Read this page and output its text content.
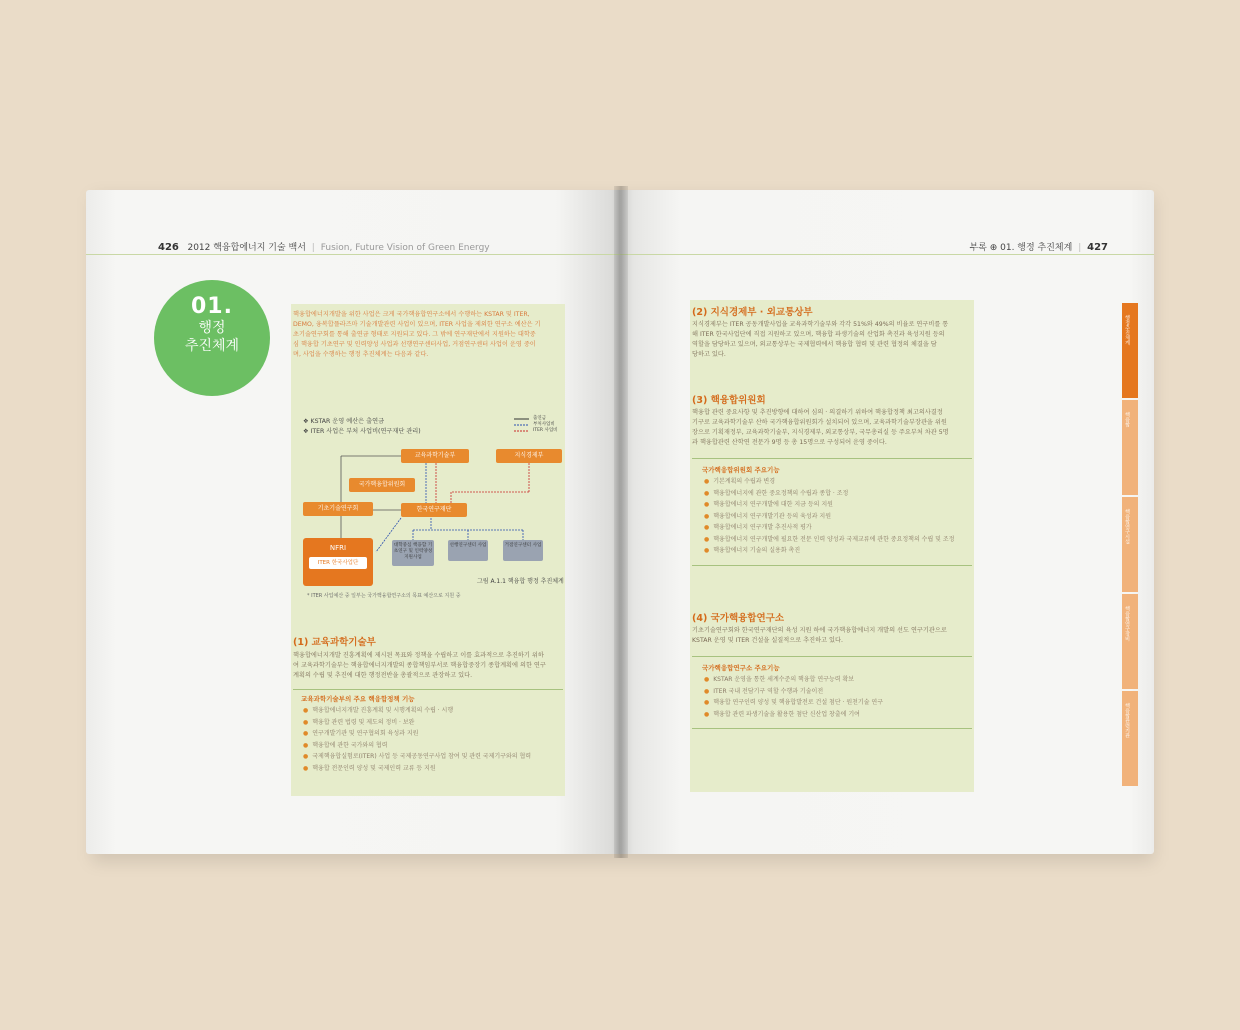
426 2012 핵융합에너지 기술 백서 | Fusion, Future Vision of Green Energy
01.
행정
추진체계
핵융합에너지개발을 위한 사업은 크게 국가핵융합연구소에서 수행하는 KSTAR 및 ITER,
DEMO, 융복합플라즈마 기술개발관련 사업이 있으며, ITER 사업을 제외한 연구소 예산은 기
초기술연구회를 통해 출연금 형태로 지원되고 있다. 그 밖에 연구재단에서 지원하는 대학중
심 핵융합 기초연구 및 인력양성 사업과 선행연구센터사업, 거점연구센터 사업이 운영 중이
며, 사업을 수행하는 행정 추진체계는 다음과 같다.
❖ KSTAR 운영 예산은 출연금
❖ ITER 사업은 부처 사업비(연구재단 관리)
출연금
부처사업비
ITER 사업비
교육과학기술부	지식경제부
국가핵융합위원회
기초기술연구회	한국연구재단
NFRI
ITER 한국사업단
대학중심 핵융합 기초연구 및 인력양성 지원사업
선행연구센터 사업	거점연구센터 사업
그림 A.1.1 핵융합 행정 추진체계
* ITER 사업예산 중 일부는 국가핵융합연구소의 목표 예산으로 지원 중
(1) 교육과학기술부
핵융합에너지개발 진흥계획에 제시된 목표와 정책을 수립하고 이를 효과적으로 추진하기 위하
여 교육과학기술부는 핵융합에너지개발의 종합책임부서로 핵융합중장기 종합계획에 의한 연구
계획의 수립 및 추진에 대한 행정전반을 총괄적으로 관장하고 있다.
교육과학기술부의 주요 핵융합정책 기능
● 핵융합에너지개발 진흥계획 및 시행계획의 수립 · 시행
● 핵융합 관련 법령 및 제도의 정비 · 보완
● 연구개발기관 및 연구협의회 육성과 지원
● 핵융합에 관한 국가와의 협력
● 국제핵융합실험로(ITER) 사업 등 국제공동연구사업 참여 및 관련 국제기구와의 협력
● 핵융합 전문인력 양성 및 국제인력 교류 등 지원
부록 ⊕ 01. 행정 추진체계 | 427
(2) 지식경제부 · 외교통상부
지식경제부는 ITER 공동개발사업을 교육과학기술부와 각각 51%와 49%의 비율로 연구비를 통
해 ITER 한국사업단에 직접 지원하고 있으며, 핵융합 파생기술의 산업화 촉진과 육성지원 등의
역할을 담당하고 있으며, 외교통상부는 국제협력에서 핵융합 협력 및 관련 협정의 체결을 담
당하고 있다.
(3) 핵융합위원회
핵융합 관련 중요사항 및 추진방향에 대하여 심의 · 의결하기 위하여 핵융합정책 최고의사결정
기구로 교육과학기술부 산하 국가핵융합위원회가 설치되어 있으며, 교육과학기술부장관을 위원
장으로 기획재정부, 교육과학기술부, 지식경제부, 외교통상부, 국무총리실 등 주요부처 차관 5명
과 핵융합관련 산학연 전문가 9명 등 총 15명으로 구성되어 운영 중이다.
국가핵융합위원회 주요기능
● 기본계획의 수립과 변경
● 핵융합에너지에 관한 중요정책의 수립과 종합 · 조정
● 핵융합에너지 연구개발에 대한 지금 등의 지원
● 핵융합에너지 연구개발기관 등의 육성과 지원
● 핵융합에너지 연구개발 추진사적 평가
● 핵융합에너지 연구개발에 필요한 전문 인력 양성과 국제교류에 관한 중요정책의 수립 및 조정
● 핵융합에너지 기술의 실용화 촉진
(4) 국가핵융합연구소
기초기술연구회와 한국연구재단의 육성 지원 하에 국가핵융합에너지 개발의 선도 연구기관으로
KSTAR 운영 및 ITER 건설을 실질적으로 추진하고 있다.
국가핵융합연구소 주요기능
● KSTAR 운영을 통한 세계수준의 핵융합 연구능력 확보
● ITER 국내 전담기구 역할 수행과 기술이전
● 핵융합 연구인력 양성 및 핵융합발전로 건설 첨단 · 원천기술 연구
● 핵융합 관련 파생기술을 활용한 첨단 신산업 창출에 기여
행정추진체계
핵융합
핵융합연구시설
핵융합연구장비
핵융합관련기관
